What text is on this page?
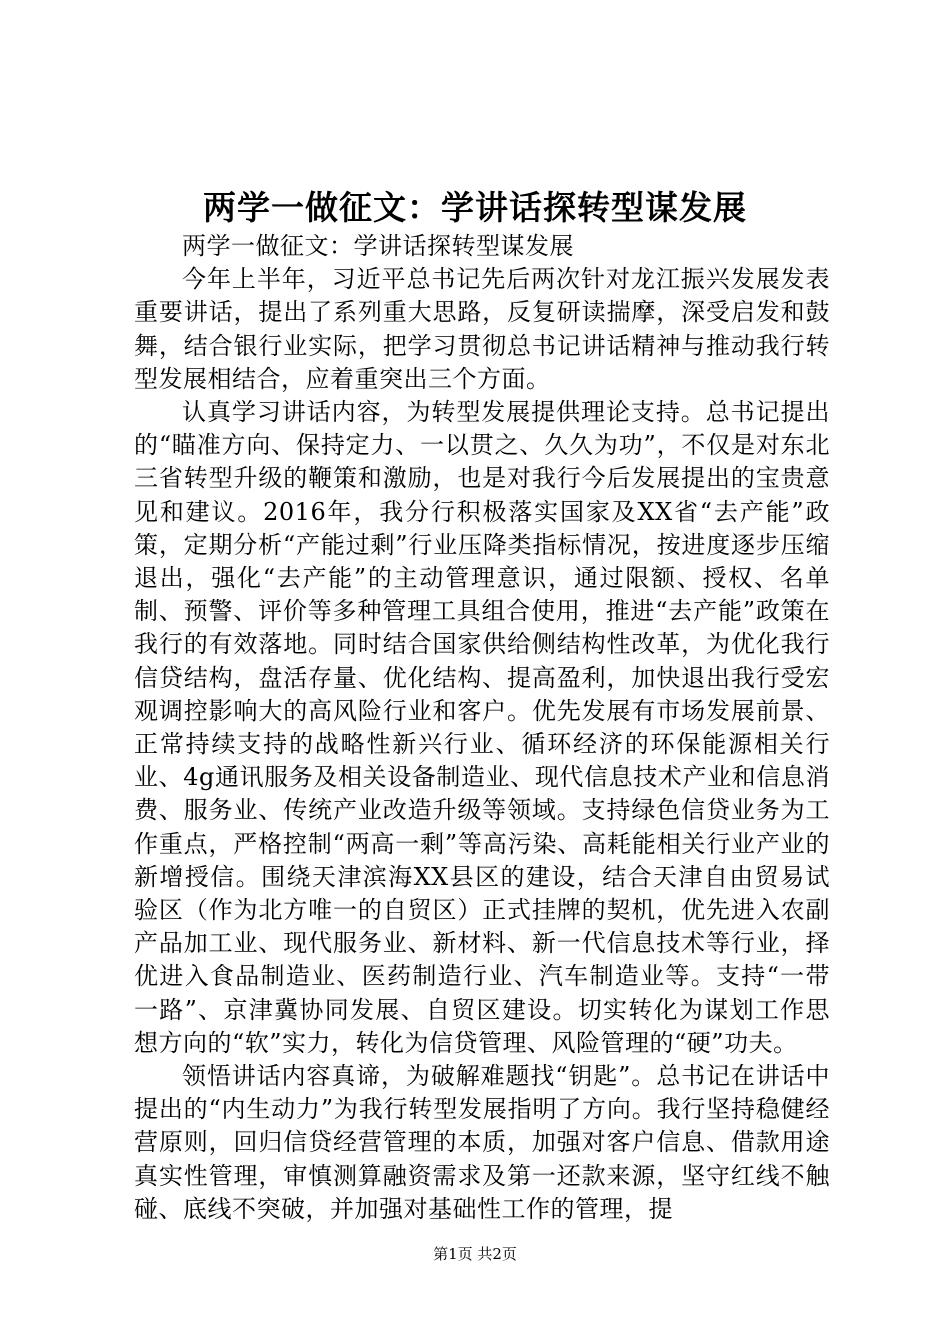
两学一做征文：学讲话探转型谋发展

两学一做征文：学讲话探转型谋发展

今年上半年，习近平总书记先后两次针对龙江振兴发展发表重要讲话，提出了系列重大思路，反复研读揣摩，深受启发和鼓舞，结合银行业实际，把学习贯彻总书记讲话精神与推动我行转型发展相结合，应着重突出三个方面。

认真学习讲话内容，为转型发展提供理论支持。总书记提出的“瞄准方向、保持定力、一以贯之、久久为功”，不仅是对东北三省转型升级的鞭策和激励，也是对我行今后发展提出的宝贵意见和建议。2016年，我分行积极落实国家及XX省“去产能”政策，定期分析“产能过剩”行业压降类指标情况，按进度逐步压缩退出，强化“去产能”的主动管理意识，通过限额、授权、名单制、预警、评价等多种管理工具组合使用，推进“去产能”政策在我行的有效落地。同时结合国家供给侧结构性改革，为优化我行信贷结构，盘活存量、优化结构、提高盈利，加快退出我行受宏观调控影响大的高风险行业和客户。优先发展有市场发展前景、正常持续支持的战略性新兴行业、循环经济的环保能源相关行业、4g通讯服务及相关设备制造业、现代信息技术产业和信息消费、服务业、传统产业改造升级等领域。支持绿色信贷业务为工作重点，严格控制“两高一剩”等高污染、高耗能相关行业产业的新增授信。围绕天津滨海XX县区的建设，结合天津自由贸易试验区（作为北方唯一的自贸区）正式挂牌的契机，优先进入农副产品加工业、现代服务业、新材料、新一代信息技术等行业，择优进入食品制造业、医药制造行业、汽车制造业等。支持“一带一路”、京津冀协同发展、自贸区建设。切实转化为谋划工作思想方向的“软”实力，转化为信贷管理、风险管理的“硬”功夫。

领悟讲话内容真谛，为破解难题找“钥匙”。总书记在讲话中提出的“内生动力”为我行转型发展指明了方向。我行坚持稳健经营原则，回归信贷经营管理的本质，加强对客户信息、借款用途真实性管理，审慎测算融资需求及第一还款来源，坚守红线不触碰、底线不突破，并加强对基础性工作的管理，提

第1页 共2页
